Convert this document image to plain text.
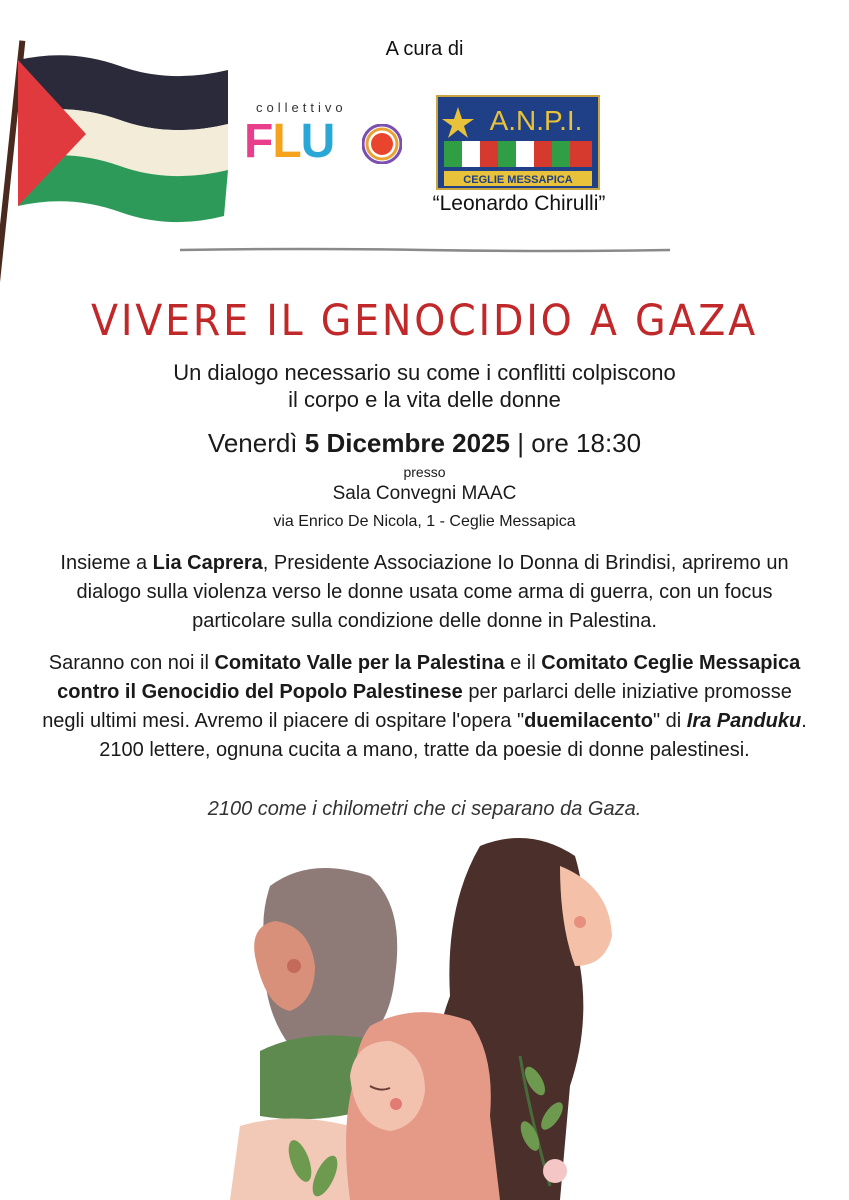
A cura di
collettivo
FLU	A.N.P.I.
CEGLIE MESSAPICA
“Leonardo Chirulli”
VIVERE IL GENOCIDIO A GAZA
Un dialogo necessario su come i conflitti colpiscono
il corpo e la vita delle donne
Venerdì 5 Dicembre 2025 | ore 18:30
presso
Sala Convegni MAAC
via Enrico De Nicola, 1 - Ceglie Messapica
Insieme a Lia Caprera, Presidente Associazione Io Donna di Brindisi, apriremo un dialogo sulla violenza verso le donne usata come arma di guerra, con un focus particolare sulla condizione delle donne in Palestina.
Saranno con noi il Comitato Valle per la Palestina e il Comitato Ceglie Messapica contro il Genocidio del Popolo Palestinese per parlarci delle iniziative promosse negli ultimi mesi. Avremo il piacere di ospitare l'opera "duemilacento" di Ira Panduku. 2100 lettere, ognuna cucita a mano, tratte da poesie di donne palestinesi.
2100 come i chilometri che ci separano da Gaza.
